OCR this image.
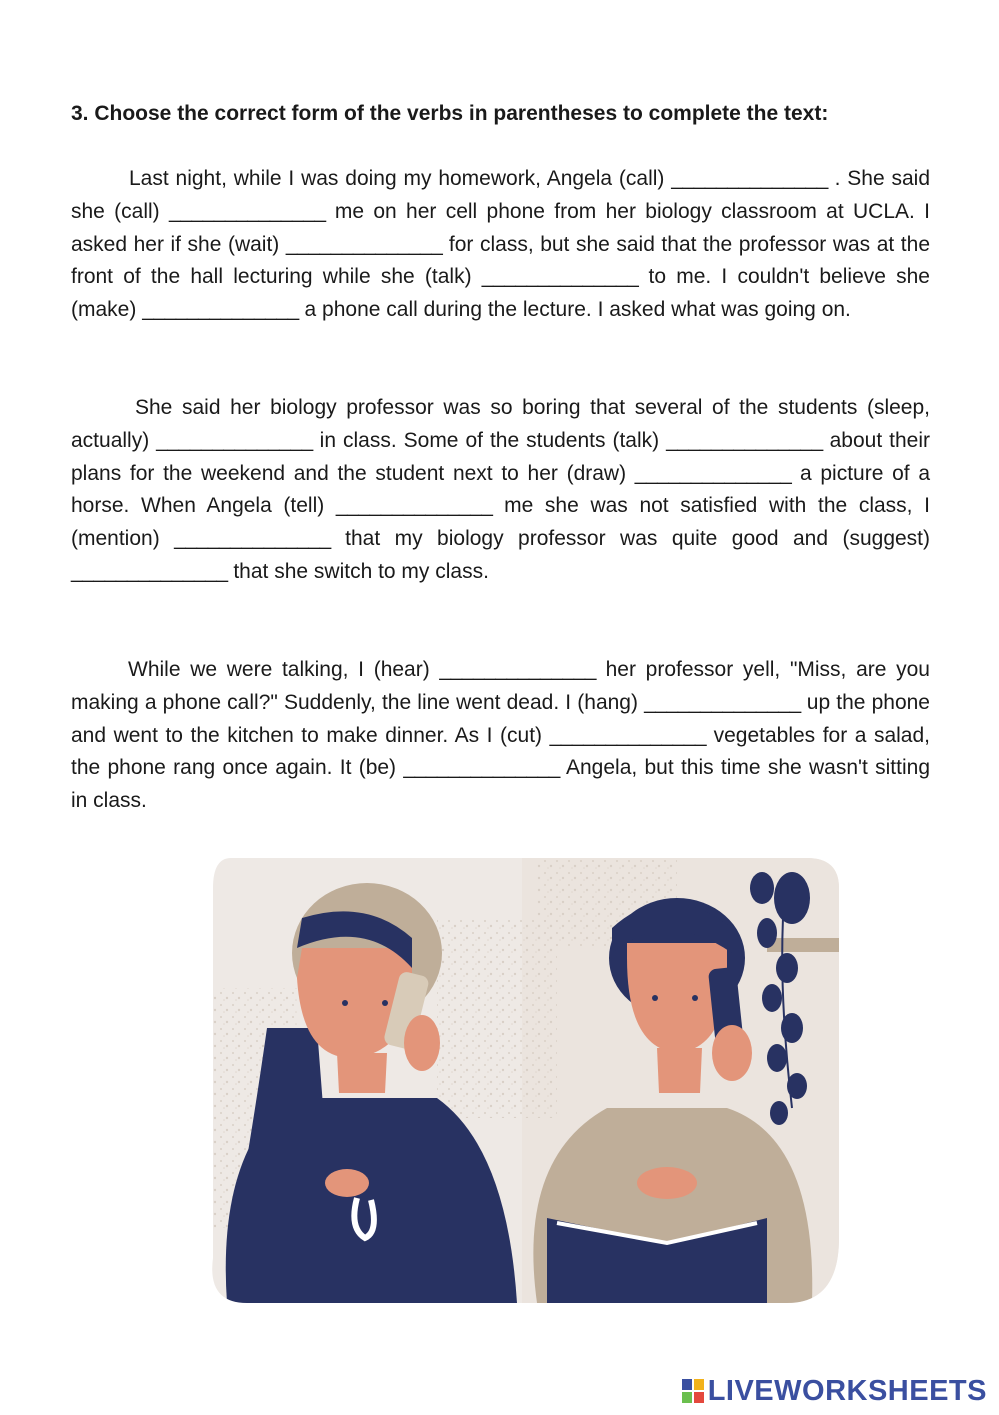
3. Choose the correct form of the verbs in parentheses to complete the text:

Last night, while I was doing my homework, Angela (call) ______________ . She said she (call) ______________ me on her cell phone from her biology classroom at UCLA. I asked her if she (wait) ______________ for class, but she said that the professor was at the front of the hall lecturing while she (talk) ______________ to me. I couldn't believe she (make) ______________ a phone call during the lecture. I asked what was going on.

She said her biology professor was so boring that several of the students (sleep, actually) ______________ in class. Some of the students (talk) ______________ about their plans for the weekend and the student next to her (draw) ______________ a picture of a horse. When Angela (tell) ______________ me she was not satisfied with the class, I (mention) ______________ that my biology professor was quite good and (suggest) ______________ that she switch to my class.

While we were talking, I (hear) ______________ her professor yell, "Miss, are you making a phone call?" Suddenly, the line went dead. I (hang) ______________ up the phone and went to the kitchen to make dinner. As I (cut) ______________ vegetables for a salad, the phone rang once again. It (be) ______________ Angela, but this time she wasn't sitting in class.

LIVEWORKSHEETS
